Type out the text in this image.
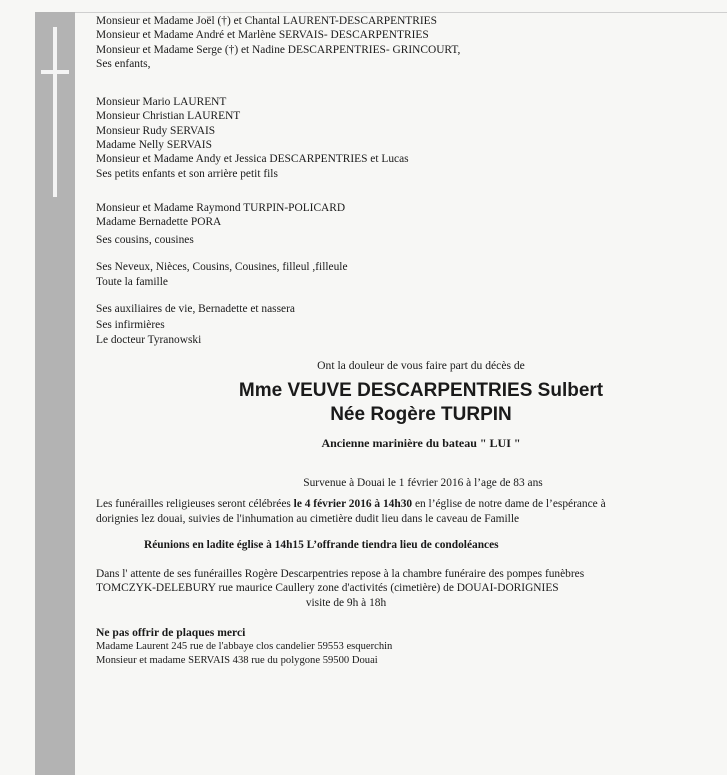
Monsieur et Madame Joël (†) et Chantal LAURENT-DESCARPENTRIES
Monsieur et Madame André et Marlène SERVAIS- DESCARPENTRIES
Monsieur et Madame Serge (†) et Nadine DESCARPENTRIES- GRINCOURT,
Ses enfants,
Monsieur Mario LAURENT
Monsieur Christian LAURENT
Monsieur Rudy SERVAIS
Madame Nelly SERVAIS
Monsieur et Madame Andy et Jessica DESCARPENTRIES et Lucas
Ses petits enfants et son arrière petit fils
Monsieur et Madame Raymond TURPIN-POLICARD
Madame Bernadette PORA
Ses cousins, cousines
Ses Neveux, Nièces, Cousins, Cousines, filleul ,filleule
Toute la famille
Ses auxiliaires de vie, Bernadette et nassera
Ses infirmières
Le docteur Tyranowski
Ont la douleur de vous faire part du décès de
Mme VEUVE DESCARPENTRIES Sulbert
Née Rogère TURPIN
Ancienne marinière du bateau " LUI "
Survenue à Douai le 1 février 2016 à l’age de 83 ans
Les funérailles religieuses seront célébrées le 4 février 2016 à 14h30 en l’église de notre dame de l’espérance à
dorignies lez douai, suivies de l'inhumation au cimetière dudit lieu dans le caveau de Famille
Réunions en ladite église à 14h15 L’offrande tiendra lieu de condoléances
Dans l' attente de ses funérailles Rogère Descarpentries repose à la chambre funéraire des pompes funèbres
TOMCZYK-DELEBURY rue maurice Caullery zone d'activités (cimetière) de DOUAI-DORIGNIES
visite de 9h à 18h
Ne pas offrir de plaques merci
Madame Laurent 245 rue de l'abbaye clos candelier 59553 esquerchin
Monsieur et madame SERVAIS 438 rue du polygone 59500 Douai
